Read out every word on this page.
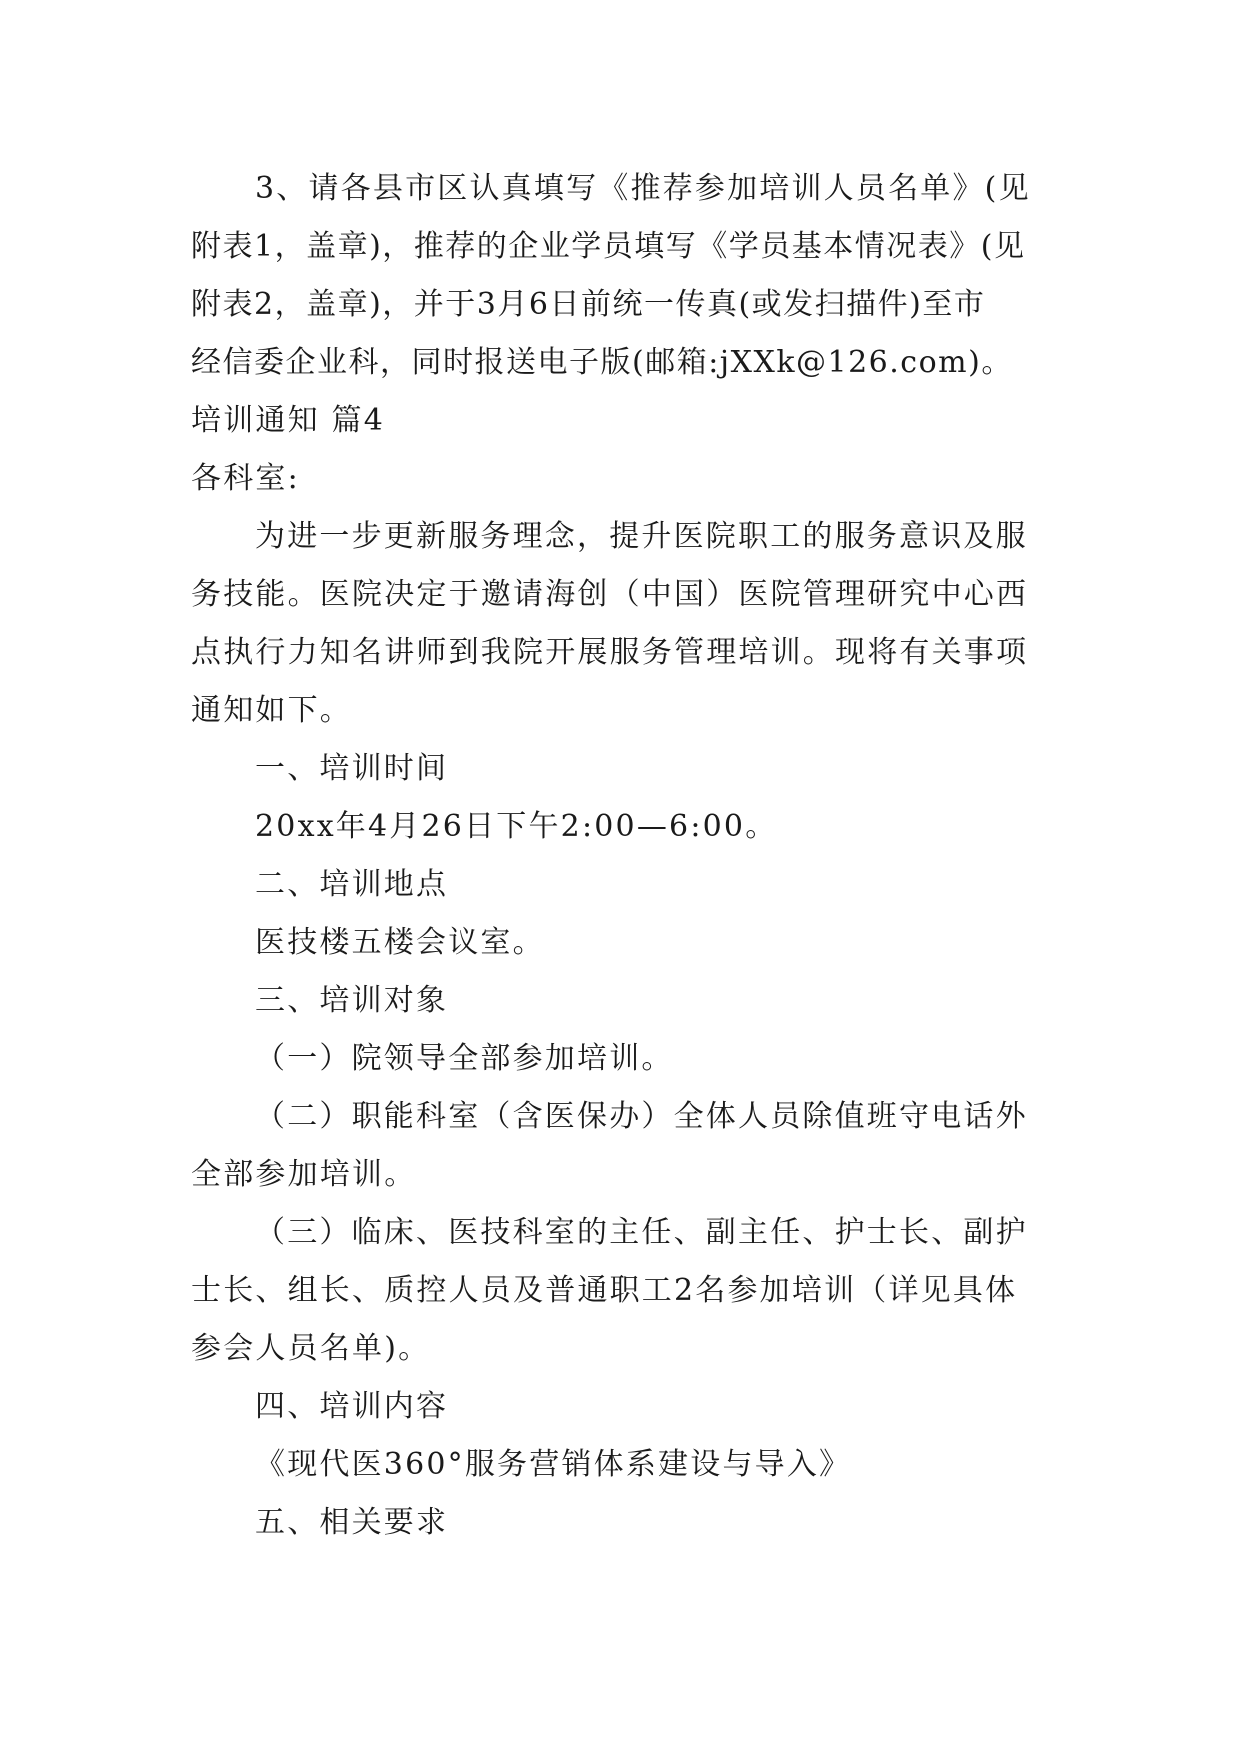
3、请各县市区认真填写《推荐参加培训人员名单》(见
附表1，盖章)，推荐的企业学员填写《学员基本情况表》(见
附表2，盖章)，并于3月6日前统一传真(或发扫描件)至市
经信委企业科，同时报送电子版(邮箱:jXXk@126.com)。
培训通知 篇4
各科室:
为进一步更新服务理念，提升医院职工的服务意识及服
务技能。医院决定于邀请海创（中国）医院管理研究中心西
点执行力知名讲师到我院开展服务管理培训。现将有关事项
通知如下。
一、培训时间
20xx年4月26日下午2:00—6:00。
二、培训地点
医技楼五楼会议室。
三、培训对象
（一）院领导全部参加培训。
（二）职能科室（含医保办）全体人员除值班守电话外
全部参加培训。
（三）临床、医技科室的主任、副主任、护士长、副护
士长、组长、质控人员及普通职工2名参加培训（详见具体
参会人员名单)。
四、培训内容
《现代医360°服务营销体系建设与导入》
五、相关要求
